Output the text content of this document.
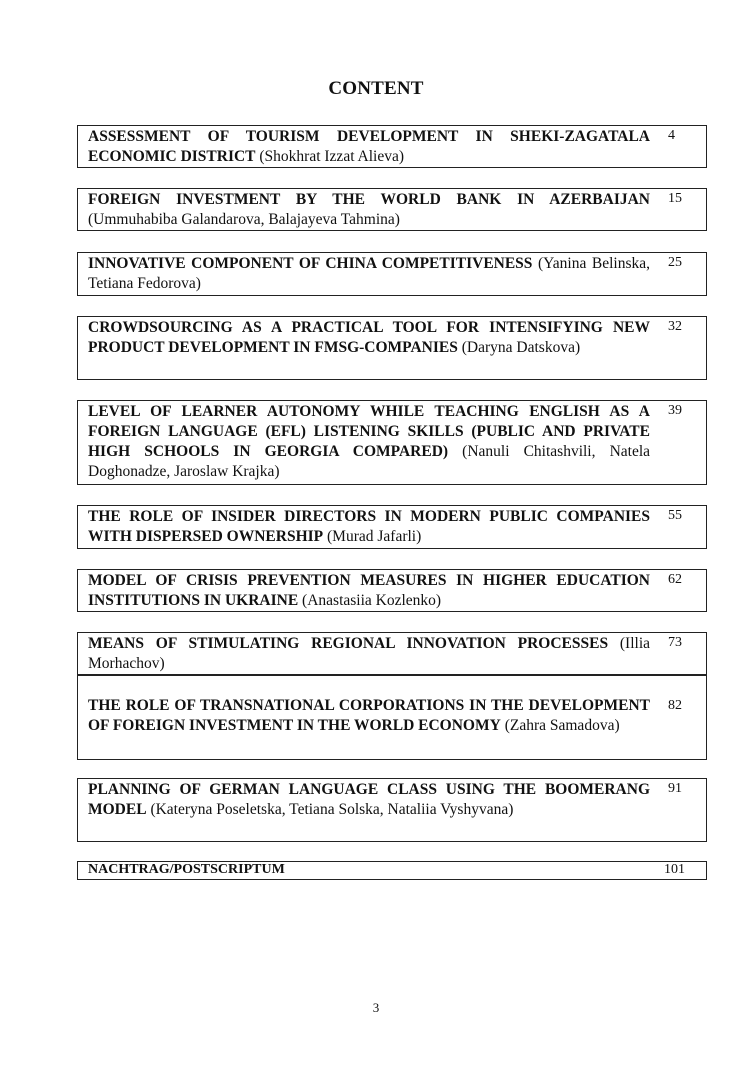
CONTENT
ASSESSMENT OF TOURISM DEVELOPMENT IN SHEKI-ZAGATALA ECONOMIC DISTRICT (Shokhrat Izzat Alieva)
4
FOREIGN INVESTMENT BY THE WORLD BANK IN AZERBAIJAN (Ummuhabiba Galandarova, Balajayeva Tahmina)
15
INNOVATIVE COMPONENT OF CHINA COMPETITIVENESS (Yanina Belinska, Tetiana Fedorova)
25
CROWDSOURCING AS A PRACTICAL TOOL FOR INTENSIFYING NEW PRODUCT DEVELOPMENT IN FMSG-COMPANIES (Daryna Datskova)
32
LEVEL OF LEARNER AUTONOMY WHILE TEACHING ENGLISH AS A FOREIGN LANGUAGE (EFL) LISTENING SKILLS (PUBLIC AND PRIVATE HIGH SCHOOLS IN GEORGIA COMPARED) (Nanuli Chitashvili, Natela Doghonadze, Jaroslaw Krajka)
39
THE ROLE OF INSIDER DIRECTORS IN MODERN PUBLIC COMPANIES WITH DISPERSED OWNERSHIP (Murad Jafarli)
55
MODEL OF CRISIS PREVENTION MEASURES IN HIGHER EDUCATION INSTITUTIONS IN UKRAINE (Anastasiia Kozlenko)
62
MEANS OF STIMULATING REGIONAL INNOVATION PROCESSES (Illia Morhachov)
73
THE ROLE OF TRANSNATIONAL CORPORATIONS IN THE DEVELOPMENT OF FOREIGN INVESTMENT IN THE WORLD ECONOMY (Zahra Samadova)
82
PLANNING OF GERMAN LANGUAGE CLASS USING THE BOOMERANG MODEL (Kateryna Poseletska, Tetiana Solska, Nataliia Vyshyvana)
91
NACHTRAG/POSTSCRIPTUM	101
3
